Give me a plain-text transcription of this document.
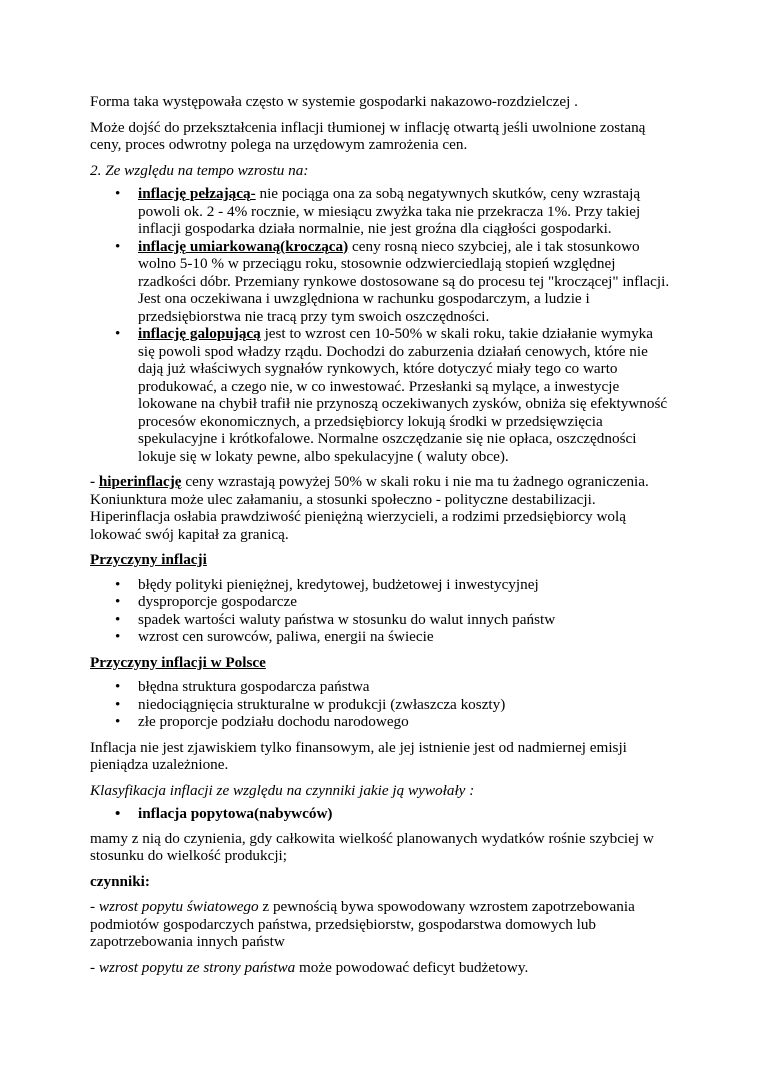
Forma taka występowała często w systemie gospodarki nakazowo-rozdzielczej .

Może dojść do przekształcenia inflacji tłumionej w inflację otwartą jeśli uwolnione zostaną ceny, proces odwrotny polega na urzędowym zamrożenia cen.

2. Ze względu na tempo wzrostu na:

• inflację pełzającą- nie pociąga ona za sobą negatywnych skutków, ceny wzrastają powoli ok. 2 - 4% rocznie, w miesiącu zwyżka taka nie przekracza 1%. Przy takiej inflacji gospodarka działa normalnie, nie jest groźna dla ciągłości gospodarki.
• inflację umiarkowaną(krocząca) ceny rosną nieco szybciej, ale i tak stosunkowo wolno 5-10 % w przeciągu roku, stosownie odzwierciedlają stopień względnej rzadkości dóbr. Przemiany rynkowe dostosowane są do procesu tej "kroczącej" inflacji. Jest ona oczekiwana i uwzględniona w rachunku gospodarczym, a ludzie i przedsiębiorstwa nie tracą przy tym swoich oszczędności.
• inflację galopującą jest to wzrost cen 10-50% w skali roku, takie działanie wymyka się powoli spod władzy rządu. Dochodzi do zaburzenia działań cenowych, które nie dają już właściwych sygnałów rynkowych, które dotyczyć miały tego co warto produkować, a czego nie, w co inwestować. Przesłanki są mylące, a inwestycje lokowane na chybił trafił nie przynoszą oczekiwanych zysków, obniża się efektywność procesów ekonomicznych, a przedsiębiorcy lokują środki w przedsięwzięcia spekulacyjne i krótkofalowe. Normalne oszczędzanie się nie opłaca, oszczędności lokuje się w lokaty pewne, albo spekulacyjne ( waluty obce).

- hiperinflację ceny wzrastają powyżej 50% w skali roku i nie ma tu żadnego ograniczenia. Koniunktura może ulec załamaniu, a stosunki społeczno - polityczne destabilizacji. Hiperinflacja osłabia prawdziwość pieniężną wierzycieli, a rodzimi przedsiębiorcy wolą lokować swój kapitał za granicą.

Przyczyny inflacji
• błędy polityki pieniężnej, kredytowej, budżetowej i inwestycyjnej
• dysproporcje gospodarcze
• spadek wartości waluty państwa w stosunku do walut innych państw
• wzrost cen surowców, paliwa, energii na świecie
Przyczyny inflacji w Polsce
• błędna struktura gospodarcza państwa
• niedociągnięcia strukturalne w produkcji (zwłaszcza koszty)
• złe proporcje podziału dochodu narodowego

Inflacja nie jest zjawiskiem tylko finansowym, ale jej istnienie jest od nadmiernej emisji pieniądza uzależnione.

Klasyfikacja inflacji ze względu na czynniki jakie ją wywołały :

• inflacja popytowa(nabywców)

mamy z nią do czynienia, gdy całkowita wielkość planowanych wydatków rośnie szybciej w stosunku do wielkość produkcji;

czynniki:

- wzrost popytu światowego z pewnością bywa spowodowany wzrostem zapotrzebowania podmiotów gospodarczych państwa, przedsiębiorstw, gospodarstwa domowych lub zapotrzebowania innych państw

- wzrost popytu ze strony państwa może powodować deficyt budżetowy.
